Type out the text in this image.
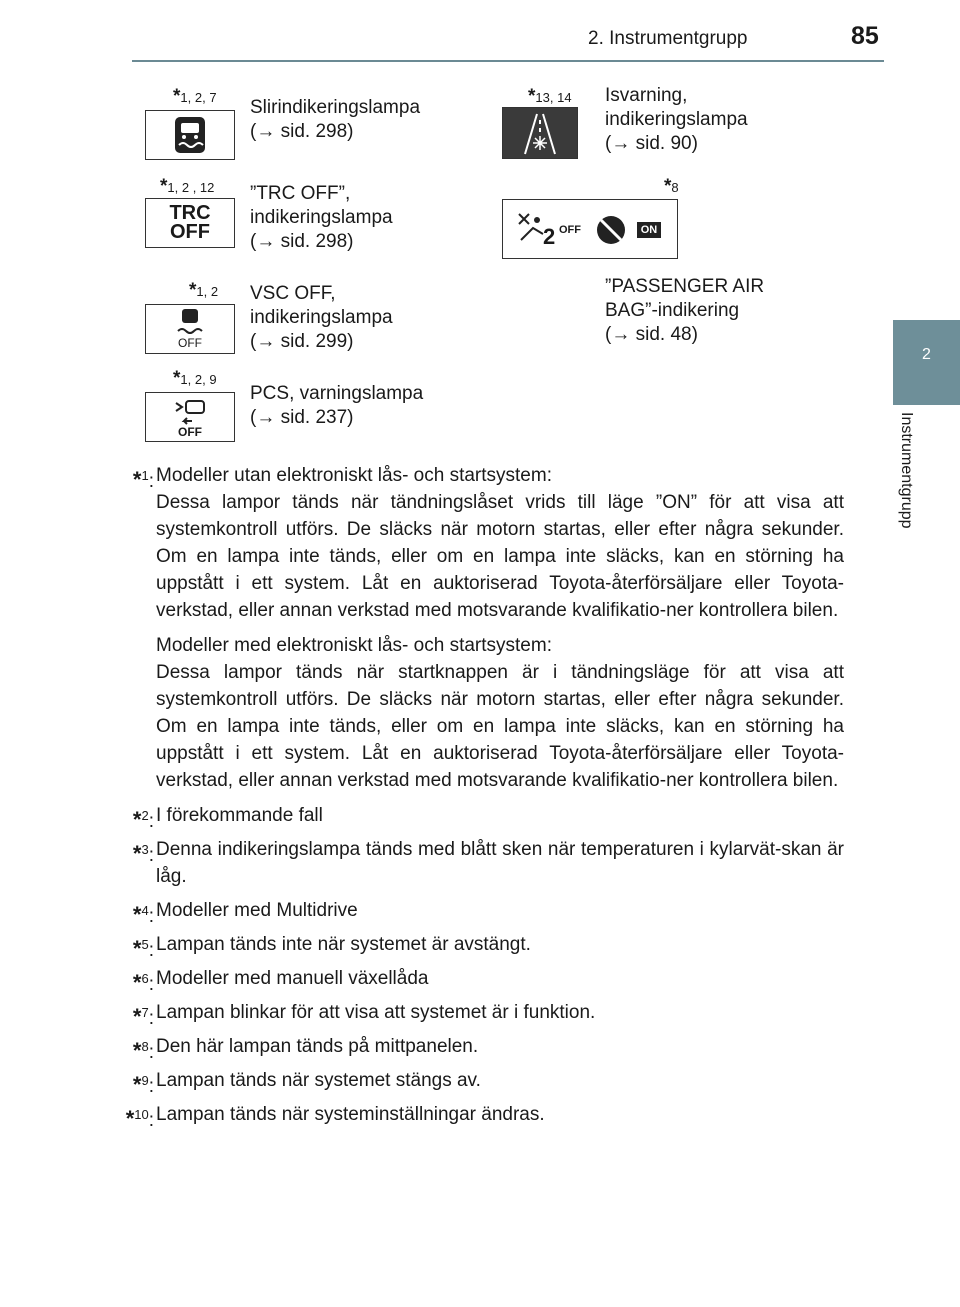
2. Instrumentgrupp	85
2
Instrumentgrupp
*1, 2, 7 Slirindikeringslampa
(→ sid. 298)
*1, 2 , 12
TRC
OFF
”TRC OFF”,
indikeringslampa
(→ sid. 298)
*1, 2
OFF
VSC OFF,
indikeringslampa
(→ sid. 299)
*1, 2, 9
OFF
PCS, varningslampa
(→ sid. 237)
*13, 14 Isvarning,
indikeringslampa
(→ sid. 90)
*8
2 OFF	ON
”PASSENGER AIR
BAG”-indikering
(→ sid. 48)
*$^1$: Modeller utan elektroniskt lås- och startsystem:
Dessa lampor tänds när tändningslåset vrids till läge ”ON” för att visa att systemkontroll utförs. De släcks när motorn startas, eller efter några sekunder. Om en lampa inte tänds, eller om en lampa inte släcks, kan en störning ha uppstått i ett system. Låt en auktoriserad Toyota-återförsäljare eller Toyota-verkstad, eller annan verkstad med motsvarande kvalifikatio-ner kontrollera bilen.
Modeller med elektroniskt lås- och startsystem:
Dessa lampor tänds när startknappen är i tändningsläge för att visa att systemkontroll utförs. De släcks när motorn startas, eller efter några sekunder. Om en lampa inte tänds, eller om en lampa inte släcks, kan en störning ha uppstått i ett system. Låt en auktoriserad Toyota-återförsäljare eller Toyota-verkstad, eller annan verkstad med motsvarande kvalifikatio-ner kontrollera bilen.
*$^2$: I förekommande fall
*$^3$: Denna indikeringslampa tänds med blått sken när temperaturen i kylarvät-skan är låg.
*$^4$: Modeller med Multidrive
*$^5$: Lampan tänds inte när systemet är avstängt.
*$^6$: Modeller med manuell växellåda
*$^7$: Lampan blinkar för att visa att systemet är i funktion.
*$^8$: Den här lampan tänds på mittpanelen.
*$^9$: Lampan tänds när systemet stängs av.
*$^{10}$: Lampan tänds när systeminställningar ändras.
